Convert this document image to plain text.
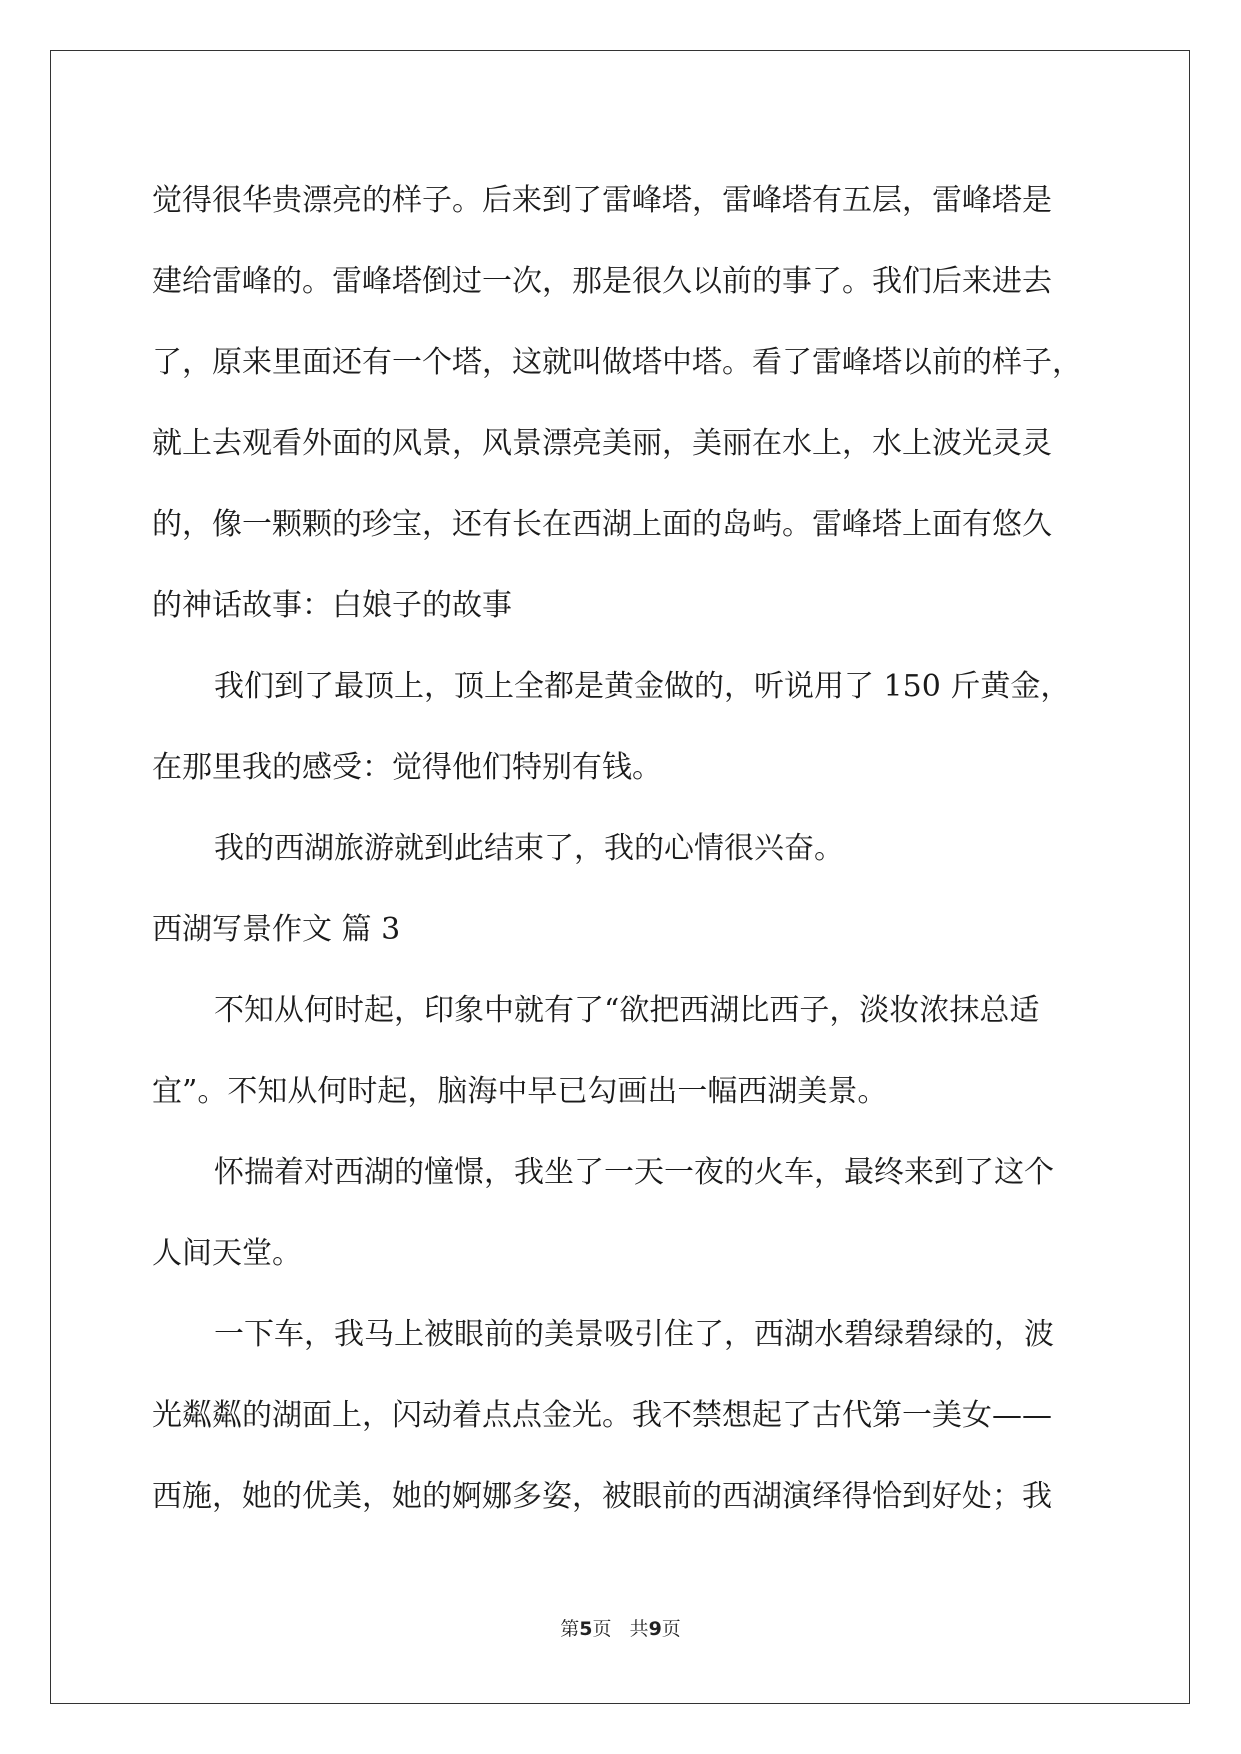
觉得很华贵漂亮的样子。后来到了雷峰塔，雷峰塔有五层，雷峰塔是
建给雷峰的。雷峰塔倒过一次，那是很久以前的事了。我们后来进去
了，原来里面还有一个塔，这就叫做塔中塔。看了雷峰塔以前的样子，
就上去观看外面的风景，风景漂亮美丽，美丽在水上，水上波光灵灵
的，像一颗颗的珍宝，还有长在西湖上面的岛屿。雷峰塔上面有悠久
的神话故事：白娘子的故事
我们到了最顶上，顶上全都是黄金做的，听说用了 150 斤黄金，
在那里我的感受：觉得他们特别有钱。
我的西湖旅游就到此结束了，我的心情很兴奋。
西湖写景作文 篇 3
不知从何时起，印象中就有了“欲把西湖比西子，淡妆浓抹总适
宜”。不知从何时起，脑海中早已勾画出一幅西湖美景。
怀揣着对西湖的憧憬，我坐了一天一夜的火车，最终来到了这个
人间天堂。
一下车，我马上被眼前的美景吸引住了，西湖水碧绿碧绿的，波
光粼粼的湖面上，闪动着点点金光。我不禁想起了古代第一美女——
西施，她的优美，她的婀娜多姿，被眼前的西湖演绎得恰到好处；我
第5页   共9页
